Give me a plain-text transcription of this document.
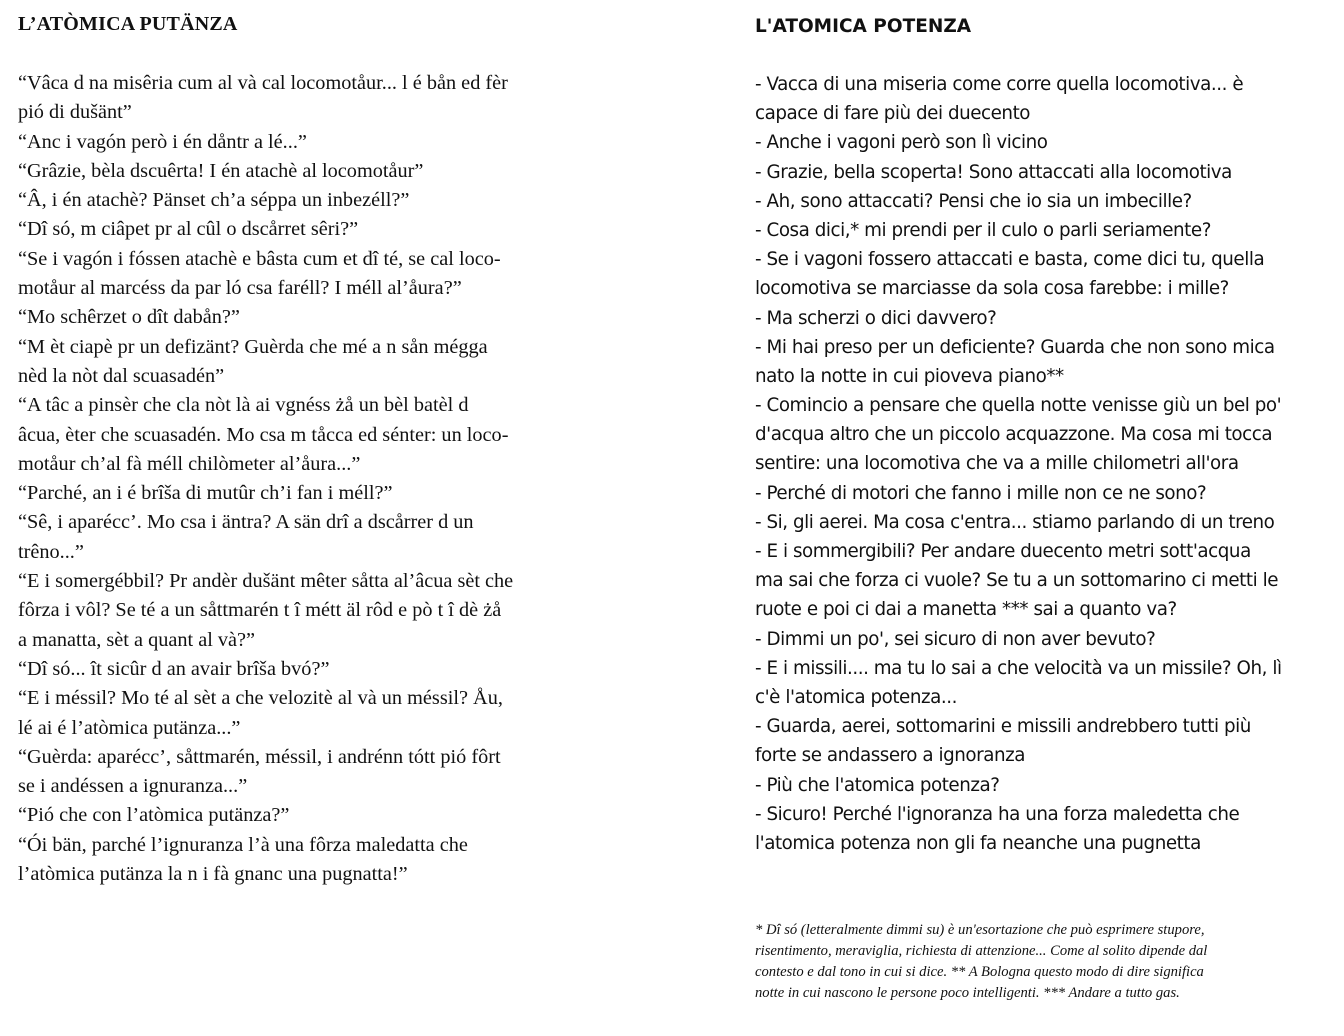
L’ATÒMICA PUTÄNZA
“Vâca d na misêria cum al và cal locomotåur... l é bån ed fèr
pió di dušänt”
“Anc i vagón però i én dåntr a lé...”
“Grâzie, bèla dscuêrta! I én atachè al locomotåur”
“Â, i én atachè? Pänset ch’a séppa un inbezéll?”
“Dî só, m ciâpet pr al cûl o dscårret sêri?”
“Se i vagón i fóssen atachè e bâsta cum et dî té, se cal loco-
motåur al marcéss da par ló csa faréll? I méll al’åura?”
“Mo schêrzet o dît dabån?”
“M èt ciapè pr un defizänt? Guèrda che mé a n sån mégga
nèd la nòt dal scuasadén”
“A tâc a pinsèr che cla nòt là ai vgnéss żå un bèl batèl d
âcua, èter che scuasadén. Mo csa m tåcca ed sénter: un loco-
motåur ch’al fà méll chilòmeter al’åura...”
“Parché, an i é brîša di mutûr ch’i fan i méll?”
“Sê, i aparécc’. Mo csa i äntra? A sän drî a dscårrer d un
trêno...”
“E i somergébbil? Pr andèr dušänt mêter såtta al’âcua sèt che
fôrza i vôl? Se té a un såttmarén t î métt äl rôd e pò t î dè żå
a manatta, sèt a quant al và?”
“Dî só... ît sicûr d an avair brîša bvó?”
“E i méssil? Mo té al sèt a che velozitè al và un méssil? Åu,
lé ai é l’atòmica putänza...”
“Guèrda: aparécc’, såttmarén, méssil, i andrénn tótt pió fôrt
se i andéssen a ignuranza...”
“Pió che con l’atòmica putänza?”
“Ói bän, parché l’ignuranza l’à una fôrza maledatta che
l’atòmica putänza la n i fà gnanc una pugnatta!”
L'ATOMICA POTENZA
- Vacca di una miseria come corre quella locomotiva... è
capace di fare più dei duecento
- Anche i vagoni però son lì vicino
- Grazie, bella scoperta! Sono attaccati alla locomotiva
- Ah, sono attaccati? Pensi che io sia un imbecille?
- Cosa dici,* mi prendi per il culo o parli seriamente?
- Se i vagoni fossero attaccati e basta, come dici tu, quella
locomotiva se marciasse da sola cosa farebbe: i mille?
- Ma scherzi o dici davvero?
- Mi hai preso per un deficiente? Guarda che non sono mica
nato la notte in cui pioveva piano**
- Comincio a pensare che quella notte venisse giù un bel po'
d'acqua altro che un piccolo acquazzone. Ma cosa mi tocca
sentire: una locomotiva che va a mille chilometri all'ora
- Perché di motori che fanno i mille non ce ne sono?
- Si, gli aerei. Ma cosa c'entra... stiamo parlando di un treno
- E i sommergibili? Per andare duecento metri sott'acqua
ma sai che forza ci vuole? Se tu a un sottomarino ci metti le
ruote e poi ci dai a manetta *** sai a quanto va?
- Dimmi un po', sei sicuro di non aver bevuto?
- E i missili.... ma tu lo sai a che velocità va un missile? Oh, lì
c'è l'atomica potenza...
- Guarda, aerei, sottomarini e missili andrebbero tutti più
forte se andassero a ignoranza
- Più che l'atomica potenza?
- Sicuro! Perché l'ignoranza ha una forza maledetta che
l'atomica potenza non gli fa neanche una pugnetta
* Dî só (letteralmente dimmi su) è un'esortazione che può esprimere stupore,
risentimento, meraviglia, richiesta di attenzione... Come al solito dipende dal
contesto e dal tono in cui si dice. ** A Bologna questo modo di dire significa
notte in cui nascono le persone poco intelligenti. *** Andare a tutto gas.
